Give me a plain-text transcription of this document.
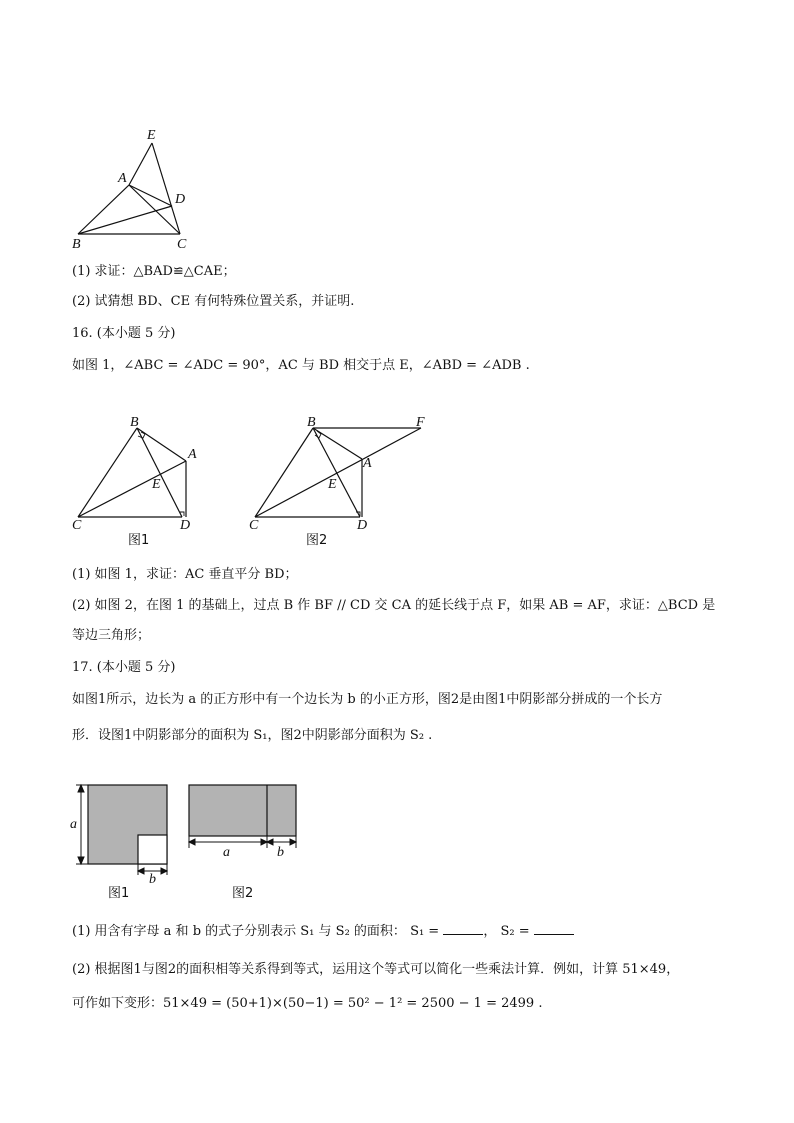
E
A
D
B	C
(1) 求证：△BAD≌△CAE；
(2) 试猜想 BD、CE 有何特殊位置关系，并证明.
16. (本小题 5 分)
如图 1，∠ABC = ∠ADC = 90°，AC 与 BD 相交于点 E，∠ABD = ∠ADB .
B
A
E
C	D
图1
B	F
A
E
C	D
图2
(1) 如图 1，求证：AC 垂直平分 BD；
(2) 如图 2，在图 1 的基础上，过点 B 作 BF // CD 交 CA 的延长线于点 F，如果 AB = AF，求证：△BCD 是
等边三角形；
17. (本小题 5 分)
如图1所示，边长为 a 的正方形中有一个边长为 b 的小正方形，图2是由图1中阴影部分拼成的一个长方
形．设图1中阴影部分的面积为 S₁，图2中阴影部分面积为 S₂ .
a
b
图1
a	b
图2
(1) 用含有字母 a 和 b 的式子分别表示 S₁ 与 S₂ 的面积： S₁ =	， S₂ =
(2) 根据图1与图2的面积相等关系得到等式，运用这个等式可以简化一些乘法计算．例如，计算 51×49，
可作如下变形：51×49 = (50+1)×(50−1) = 50² − 1² = 2500 − 1 = 2499 .
